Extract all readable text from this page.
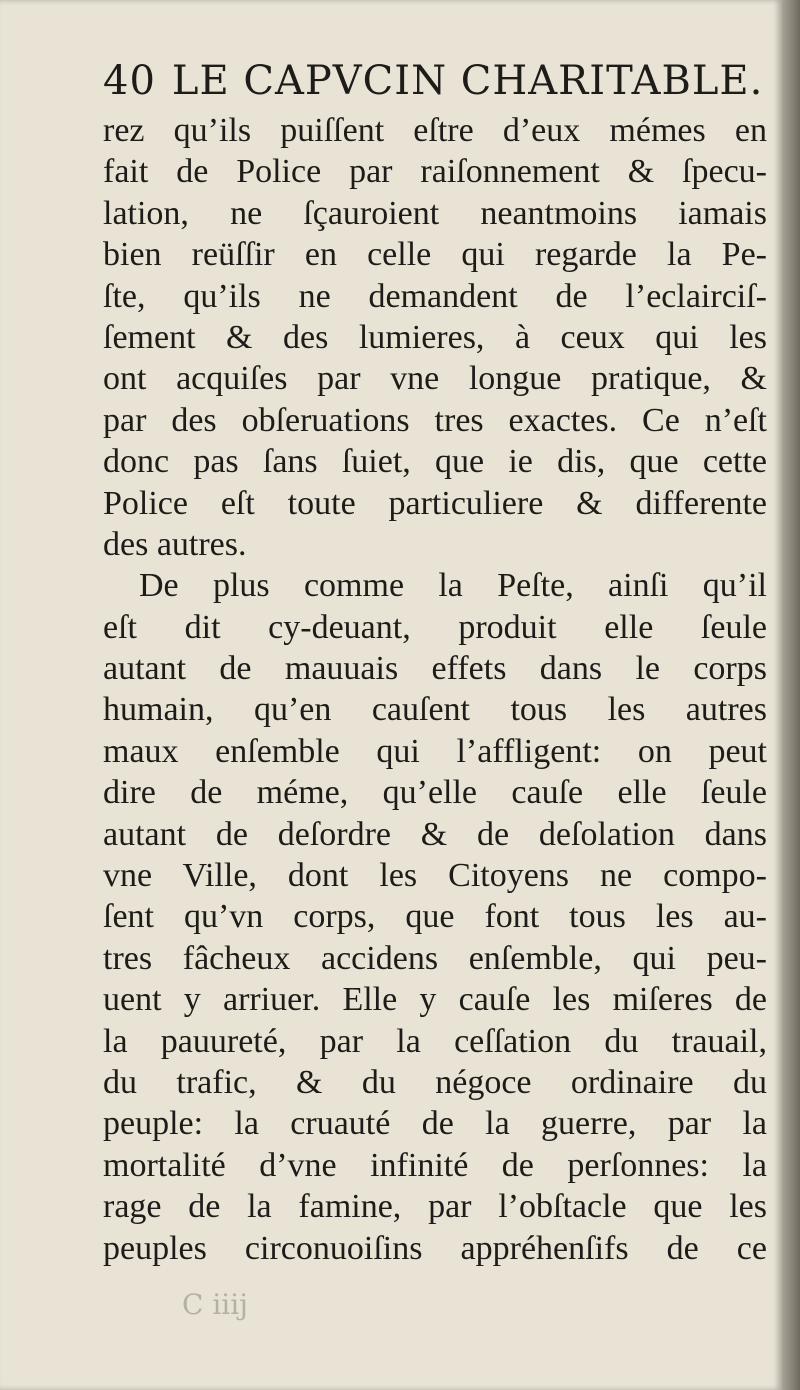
40 LE CAPVCIN CHARITABLE.
rez qu’ils puiſſent eſtre d’eux mémes en
fait de Police par raiſonnement & ſpecu-
lation, ne ſçauroient neantmoins iamais
bien reüſſir en celle qui regarde la Pe-
ſte, qu’ils ne demandent de l’eclairciſ-
ſement & des lumieres, à ceux qui les
ont acquiſes par vne longue pratique, &
par des obſeruations tres exactes. Ce n’eſt
donc pas ſans ſuiet, que ie dis, que cette
Police eſt toute particuliere & differente
des autres.
De plus comme la Peſte, ainſi qu’il
eſt dit cy-deuant, produit elle ſeule
autant de mauuais effets dans le corps
humain, qu’en cauſent tous les autres
maux enſemble qui l’affligent: on peut
dire de méme, qu’elle cauſe elle ſeule
autant de deſordre & de deſolation dans
vne Ville, dont les Citoyens ne compo-
ſent qu’vn corps, que font tous les au-
tres fâcheux accidens enſemble, qui peu-
uent y arriuer. Elle y cauſe les miſeres de
la pauureté, par la ceſſation du trauail,
du trafic, & du négoce ordinaire du
peuple: la cruauté de la guerre, par la
mortalité d’vne infinité de perſonnes: la
rage de la famine, par l’obſtacle que les
peuples circonuoiſins appréhenſifs de ce
C iiij
